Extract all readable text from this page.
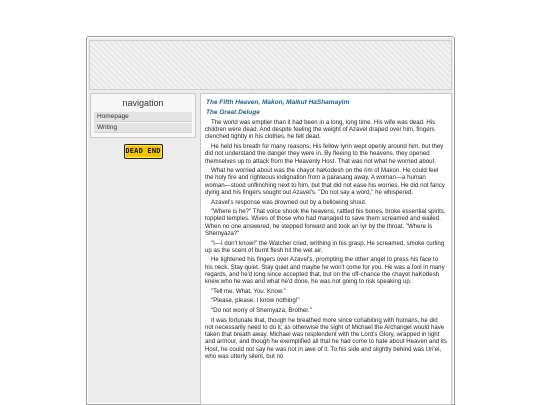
navigation
Homepage
Writing
DEAD END
The Fifth Heaven, Makon, Malkut HaShamayim
The Great Deluge

The world was emptier than it had been in a long, long time. His wife was dead. His children were dead. And despite feeling the weight of Azavel draped over him, fingers clenched tightly in his clothes, he felt dead.

He held his breath for many reasons. His fellow Iyrin wept openly around him, but they did not understand the danger they were in. By fleeing to the heavens, they opened themselves up to attack from the Heavenly Host. That was not what he worried about.

What he worried about was the chayot haKodesh on the rim of Makon. He could feel the holy fire and righteous indignation from a parasang away. A woman—a human woman—stood unflinching next to him, but that did not ease his worries. He did not fancy dying and his fingers sought out Azavel's. "Do not say a word," he whispered.

Azavel's response was drowned out by a bellowing shout.

"Where is he?" That voice shook the heavens, rattled his bones, broke essential spirits, toppled temples. Wives of those who had managed to save them screamed and wailed. When no one answered, he stepped forward and took an Iyr by the throat. "Where is Shemyaza?"

"I—I don't know!" the Watcher cried, writhing in his grasp. He screamed, smoke curling up as the scent of burnt flesh hit the wet air.

He tightened his fingers over Azavel's, prompting the other angel to press his face to his neck. Stay quiet. Stay quiet and maybe he won't come for you. He was a fool in many regards, and he'd long since accepted that, but on the off-chance the chayot haKodesh knew who he was and what he'd done, he was not going to risk speaking up.

"Tell me. What. You. Know."

"Please, please. I know nothing!"

"Do not worry of Shemyaza, Brother."

It was fortunate that, though he breathed more since cohabiting with humans, he did not necessarily need to do it, as otherwise the sight of Michael the Archangel would have taken that breath away. Michael was resplendent with the Lord's Glory, wrapped in light and armour, and though he exemplified all that he had come to hate about Heaven and its Host, he could not say he was not in awe of it. To his side and slightly behind was Uri'el, who was utterly silent, but no
